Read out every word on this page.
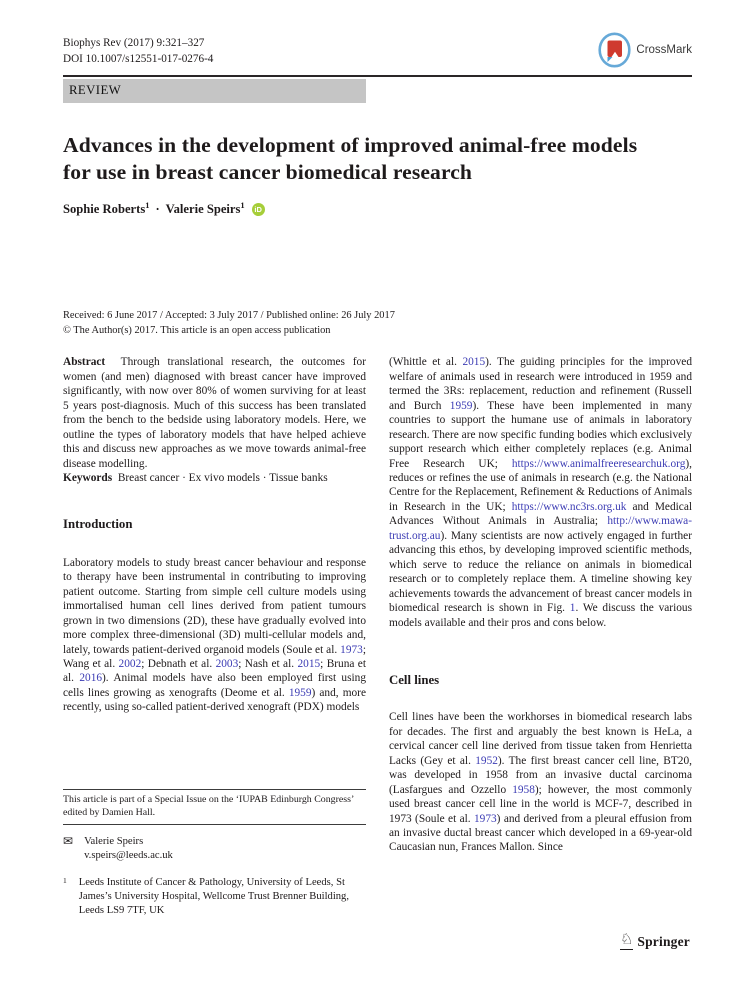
Biophys Rev (2017) 9:321–327
DOI 10.1007/s12551-017-0276-4
CrossMark
REVIEW
Advances in the development of improved animal-free models for use in breast cancer biomedical research
Sophie Roberts$^1$ · Valerie Speirs$^1$	iD
Received: 6 June 2017 / Accepted: 3 July 2017 / Published online: 26 July 2017
© The Author(s) 2017. This article is an open access publication

Abstract Through translational research, the outcomes for women (and men) diagnosed with breast cancer have improved significantly, with now over 80% of women surviving for at least 5 years post-diagnosis. Much of this success has been translated from the bench to the bedside using laboratory models. Here, we outline the types of laboratory models that have helped achieve this and discuss new approaches as we move towards animal-free disease modelling.

Keywords Breast cancer · Ex vivo models · Tissue banks

Introduction

Laboratory models to study breast cancer behaviour and response to therapy have been instrumental in contributing to improving patient outcome. Starting from simple cell culture models using immortalised human cell lines derived from patient tumours grown in two dimensions (2D), these have gradually evolved into more complex three-dimensional (3D) multi-cellular models and, lately, towards patient-derived organoid models (Soule et al. 1973; Wang et al. 2002; Debnath et al. 2003; Nash et al. 2015; Bruna et al. 2016). Animal models have also been employed first using cells lines growing as xenografts (Deome et al. 1959) and, more recently, using so-called patient-derived xenograft (PDX) models

This article is part of a Special Issue on the ‘IUPAB Edinburgh Congress’ edited by Damien Hall.
✉ Valerie Speirs
v.speirs@leeds.ac.uk
1 Leeds Institute of Cancer & Pathology, University of Leeds, St James’s University Hospital, Wellcome Trust Brenner Building, Leeds LS9 7TF, UK

(Whittle et al. 2015). The guiding principles for the improved welfare of animals used in research were introduced in 1959 and termed the 3Rs: replacement, reduction and refinement (Russell and Burch 1959). These have been implemented in many countries to support the humane use of animals in laboratory research. There are now specific funding bodies which exclusively support research which either completely replaces (e.g. Animal Free Research UK; https://www.animalfreeresearchuk.org), reduces or refines the use of animals in research (e.g. the National Centre for the Replacement, Refinement & Reductions of Animals in Research in the UK; https://www.nc3rs.org.uk and Medical Advances Without Animals in Australia; http://www.mawa-trust.org.au). Many scientists are now actively engaged in further advancing this ethos, by developing improved scientific methods, which serve to reduce the reliance on animals in biomedical research or to completely replace them. A timeline showing key achievements towards the advancement of breast cancer models in biomedical research is shown in Fig. 1. We discuss the various models available and their pros and cons below.

Cell lines

Cell lines have been the workhorses in biomedical research labs for decades. The first and arguably the best known is HeLa, a cervical cancer cell line derived from tissue taken from Henrietta Lacks (Gey et al. 1952). The first breast cancer cell line, BT20, was developed in 1958 from an invasive ductal carcinoma (Lasfargues and Ozzello 1958); however, the most commonly used breast cancer cell line in the world is MCF-7, described in 1973 (Soule et al. 1973) and derived from a pleural effusion from an invasive ductal breast cancer which developed in a 69-year-old Caucasian nun, Frances Mallon. Since

♘ Springer
